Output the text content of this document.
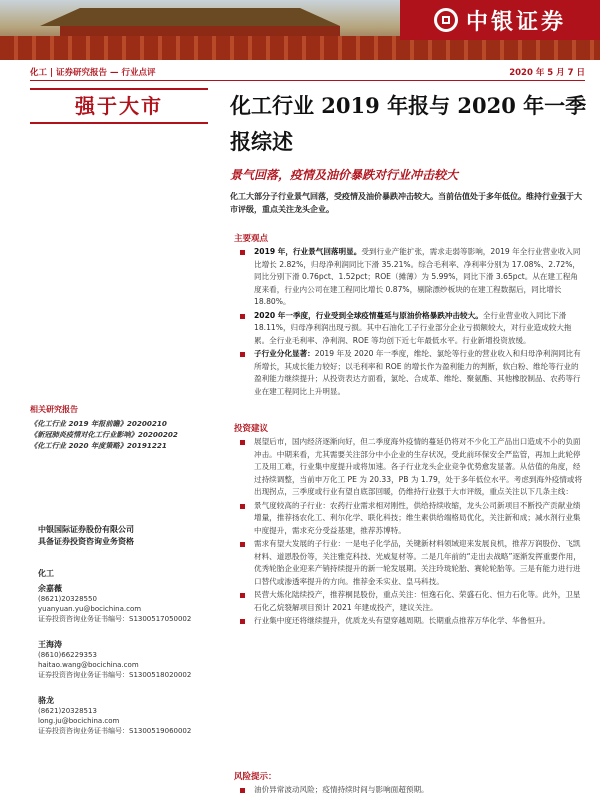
中银证券
化工 | 证券研究报告 — 行业点评	2020 年 5 月 7 日
强于大市
相关研究报告

《化工行业 2019 年报前瞻》20200210

《新冠肺炎疫情对化工行业影响》20200202

《化工行业 2020 年度策略》20191221

中银国际证券股份有限公司
具备证券投资咨询业务资格
化工
余嘉薇
(8621)20328550
yuanyuan.yu@bocichina.com
证券投资咨询业务证书编号：S1300517050002
王海涛
(8610)66229353
haitao.wang@bocichina.com
证券投资咨询业务证书编号：S1300518020002
骆龙
(8621)20328513
long.ju@bocichina.com
证券投资咨询业务证书编号：S1300519060002
化工行业 2019 年报与 2020 年一季报综述
景气回落，疫情及油价暴跌对行业冲击较大
化工大部分子行业景气回落，受疫情及油价暴跌冲击较大。当前估值处于多年低位。维持行业强于大市评级，重点关注龙头企业。
主要观点
2019 年，行业景气回落明显。受到行业产能扩张，需求走弱等影响，2019 年全行业营业收入同比增长 2.82%，归母净利润同比下滑 35.21%。综合毛利率、净利率分别为 17.08%、2.72%，同比分别下滑 0.76pct、1.52pct；ROE（摊薄）为 5.99%，同比下滑 3.65pct。从在建工程角度来看，行业内公司在建工程同比增长 0.87%，剔除漂纱板块的在建工程数据后，同比增长 18.80%。
2020 年一季度，行业受到全球疫情蔓延与原油价格暴跌冲击较大。全行业营业收入同比下滑 18.11%，归母净利润出现亏损。其中石油化工子行业部分企业亏损额较大，对行业造成较大拖累。全行业毛利率、净利润、ROE 等均创下近七年最低水平。行业新增投资放缓。
子行业分化显著：2019 年及 2020 年一季度，维纶、氯纶等行业的营业收入和归母净利润同比有所增长，其成长能力较好；以毛利率和 ROE 的增长作为盈利能力的判断，软白粉、维纶等行业的盈利能力继续提升；从投资表达方面看，氯纶、合成革、维纶、聚氨酯、其他橡胶制品、农药等行业在建工程同比上升明显。
投资建议
展望后市，国内经济逐渐向好，但二季度海外疫情的蔓延仍将对不少化工产品出口造成不小的负面冲击。中期来看，尤其需要关注部分中小企业的生存状况，受此前环保安全严监管，再加上此轮停工及用工难，行业集中度提升或将加速。各子行业龙头企业竞争优势愈发显著。从估值的角度，经过持续调整，当前申万化工 PE 为 20.33，PB 为 1.79，处于多年低位水平。考虑到海外疫情或将出现拐点，三季度或行业有望自底部回暖，仍维持行业强于大市评级，重点关注以下几条主线：
景气度较高的子行业：农药行业需求相对刚性，供给持续收缩，龙头公司新项目不断投产贡献业绩增量，推荐扬农化工、利尔化学、联化科技；维生素供给端格局优化，关注新和成；减水剂行业集中度提升，需求充分受益基建，推荐苏博特。
需求有望大发展的子行业：一是电子化学品，关键新材料领域迎来发展良机，推荐万润股份、飞凯材料、道恩股份等，关注雅克科技、光威复材等。二是几年前的“走出去战略”逐渐发挥重要作用，优秀轮胎企业迎来产销持续提升的新一轮发展期。关注玲珑轮胎、赛轮轮胎等。三是有能力进行进口替代或渗透率提升的方向。推荐金禾实业、皇马科技。
民营大炼化陆续投产，推荐桐昆股份，重点关注：恒逸石化、荣盛石化、恒力石化等。此外，卫星石化乙烷裂解项目预计 2021 年建成投产，建议关注。
行业集中度还将继续提升，优质龙头有望穿越周期。长期重点推荐万华化学、华鲁恒升。
风险提示：
油价异常波动风险；疫情持续时间与影响面超预期。
